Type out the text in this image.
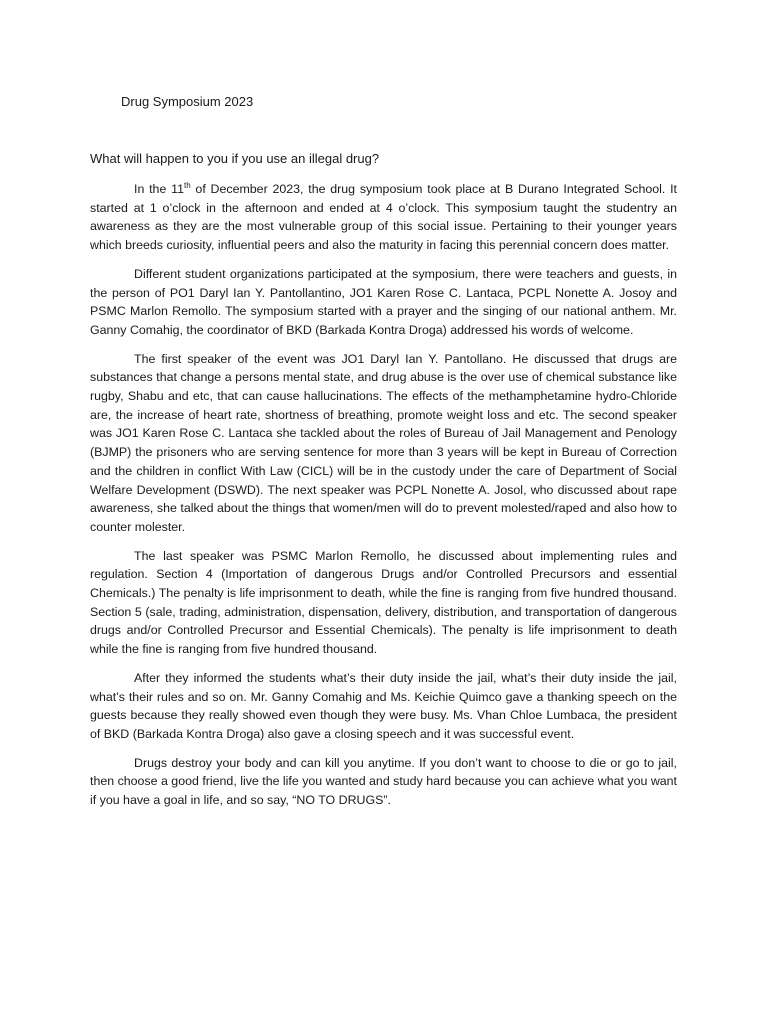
Drug Symposium 2023
What will happen to you if you use an illegal drug?

In the 11th of December 2023, the drug symposium took place at B Durano Integrated School. It started at 1 o’clock in the afternoon and ended at 4 o’clock. This symposium taught the studentry an awareness as they are the most vulnerable group of this social issue. Pertaining to their younger years which breeds curiosity, influential peers and also the maturity in facing this perennial concern does matter.

Different student organizations participated at the symposium, there were teachers and guests, in the person of PO1 Daryl Ian Y. Pantollantino, JO1 Karen Rose C. Lantaca, PCPL Nonette A. Josoy and PSMC Marlon Remollo. The symposium started with a prayer and the singing of our national anthem. Mr. Ganny Comahig, the coordinator of BKD (Barkada Kontra Droga) addressed his words of welcome.

The first speaker of the event was JO1 Daryl Ian Y. Pantollano. He discussed that drugs are substances that change a persons mental state, and drug abuse is the over use of chemical substance like rugby, Shabu and etc, that can cause hallucinations. The effects of the methamphetamine hydro-Chloride are, the increase of heart rate, shortness of breathing, promote weight loss and etc. The second speaker was JO1 Karen Rose C. Lantaca she tackled about the roles of Bureau of Jail Management and Penology (BJMP) the prisoners who are serving sentence for more than 3 years will be kept in Bureau of Correction and the children in conflict With Law (CICL) will be in the custody under the care of Department of Social Welfare Development (DSWD). The next speaker was PCPL Nonette A. Josol, who discussed about rape awareness, she talked about the things that women/men will do to prevent molested/raped and also how to counter molester.

The last speaker was PSMC Marlon Remollo, he discussed about implementing rules and regulation. Section 4 (Importation of dangerous Drugs and/or Controlled Precursors and essential Chemicals.) The penalty is life imprisonment to death, while the fine is ranging from five hundred thousand. Section 5 (sale, trading, administration, dispensation, delivery, distribution, and transportation of dangerous drugs and/or Controlled Precursor and Essential Chemicals). The penalty is life imprisonment to death while the fine is ranging from five hundred thousand.

After they informed the students what’s their duty inside the jail, what’s their duty inside the jail, what’s their rules and so on. Mr. Ganny Comahig and Ms. Keichie Quimco gave a thanking speech on the guests because they really showed even though they were busy. Ms. Vhan Chloe Lumbaca, the president of BKD (Barkada Kontra Droga) also gave a closing speech and it was successful event.

Drugs destroy your body and can kill you anytime. If you don’t want to choose to die or go to jail, then choose a good friend, live the life you wanted and study hard because you can achieve what you want if you have a goal in life, and so say, “NO TO DRUGS”.
